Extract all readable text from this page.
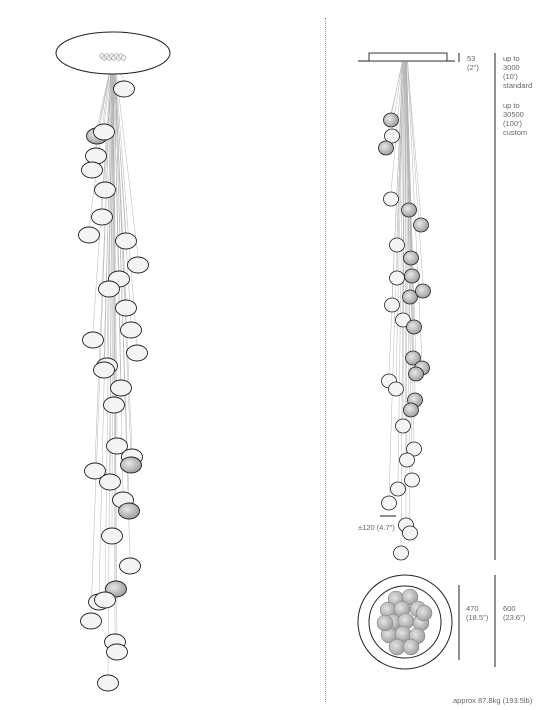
53
(2")
up to
3000
(10')
standard
up to
30500
(100')
custom
±120 (4.7")
470
(18.5")
600
(23.6")
approx 87.8kg (193.5lb)
